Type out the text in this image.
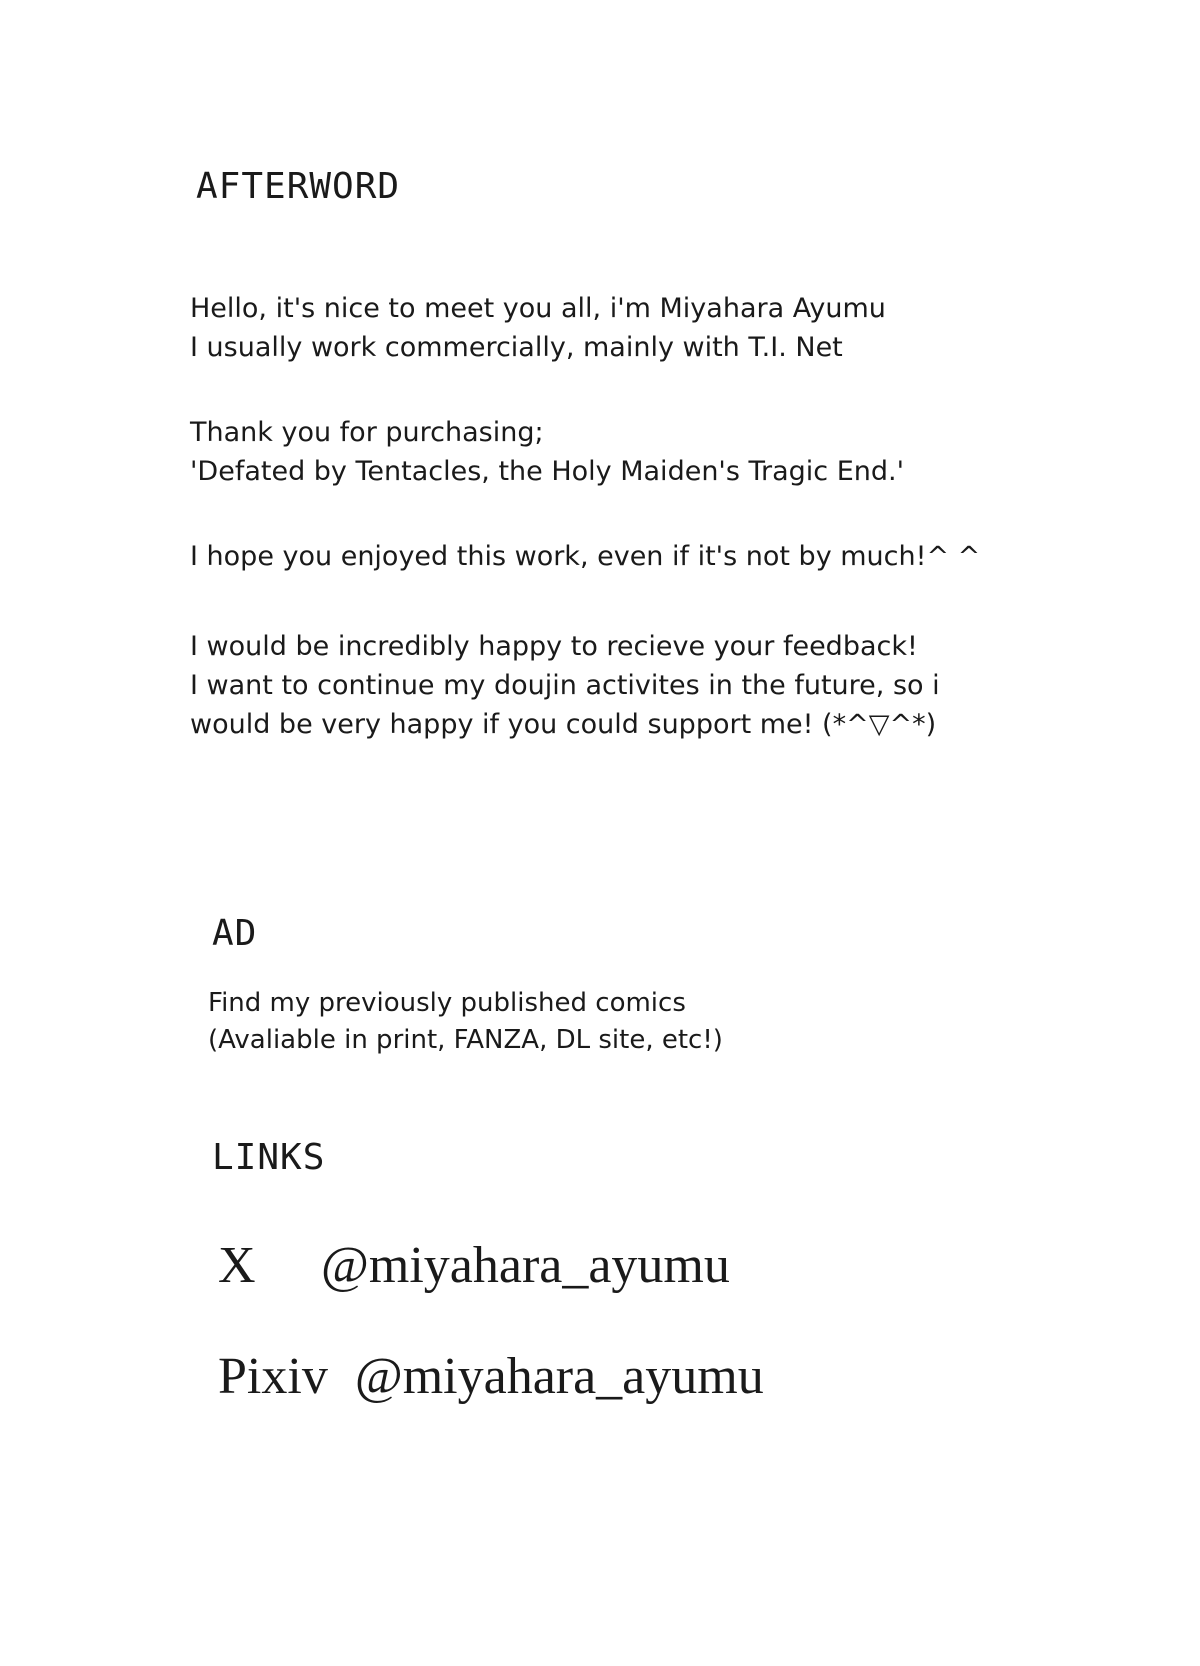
AFTERWORD

Hello, it's nice to meet you all, i'm Miyahara Ayumu
I usually work commercially, mainly with T.I. Net

Thank you for purchasing;
'Defated by Tentacles, the Holy Maiden's Tragic End.'

I hope you enjoyed this work, even if it's not by much!^ ^

I would be incredibly happy to recieve your feedback!
I want to continue my doujin activites in the future, so i
would be very happy if you could support me! (*^▽^*)

AD

Find my previously published comics
(Avaliable in print, FANZA, DL site, etc!)

LINKS
X @miyahara_ayumu
Pixiv @miyahara_ayumu
